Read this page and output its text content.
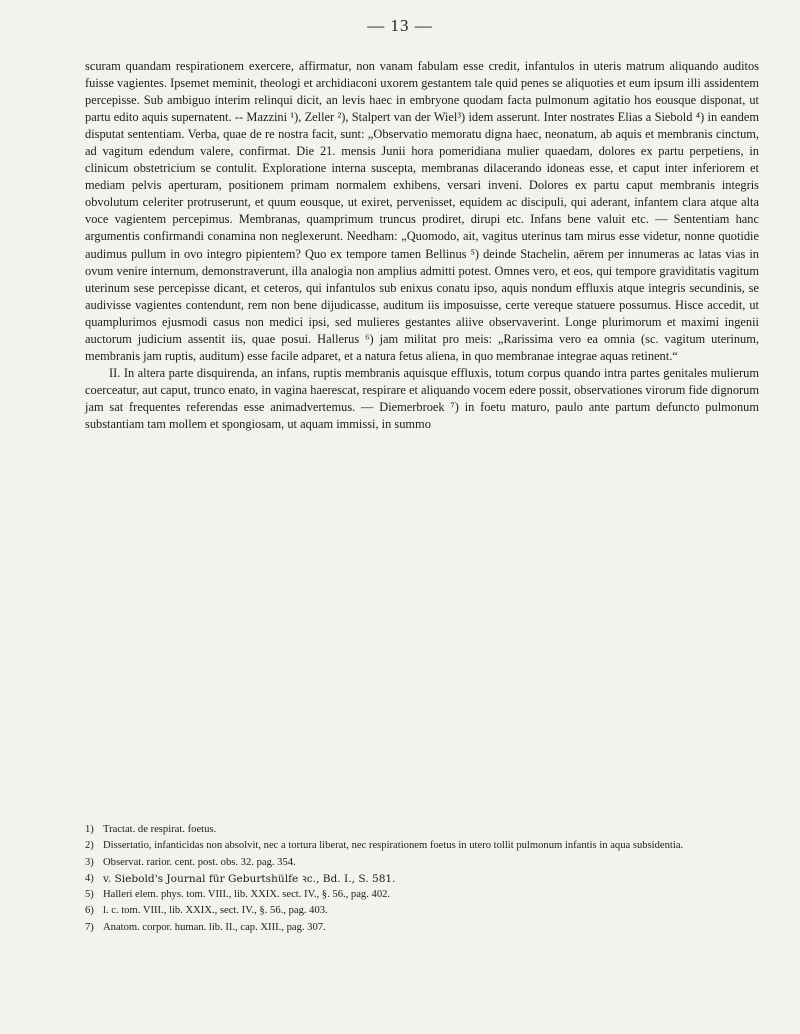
— 13 —

scuram quandam respirationem exercere, affirmatur, non vanam fabulam esse credit, infantulos in uteris matrum aliquando auditos fuisse vagientes. Ipsemet meminit, theologi et archidiaconi uxorem gestantem tale quid penes se aliquoties et eum ipsum illi assidentem percepisse. Sub ambiguo interim relinqui dicit, an levis haec in embryone quodam facta pulmonum agitatio hos eousque disponat, ut partu edito aquis supernatent. -- Mazzini ¹), Zeller ²), Stalpert van der Wiel³) idem asserunt. Inter nostrates Elias a Siebold ⁴) in eandem disputat sententiam. Verba, quae de re nostra facit, sunt: „Observatio memoratu digna haec, neonatum, ab aquis et membranis cinctum, ad vagitum edendum valere, confirmat. Die 21. mensis Junii hora pomeridiana mulier quaedam, dolores ex partu perpetiens, in clinicum obstetricium se contulit. Exploratione interna suscepta, membranas dilacerando idoneas esse, et caput inter inferiorem et mediam pelvis aperturam, positionem primam normalem exhibens, versari inveni. Dolores ex partu caput membranis integris obvolutum celeriter protruserunt, et quum eousque, ut exiret, pervenisset, equidem ac discipuli, qui aderant, infantem clara atque alta voce vagientem percepimus. Membranas, quamprimum truncus prodiret, dirupi etc. Infans bene valuit etc. — Sententiam hanc argumentis confirmandi conamina non neglexerunt. Needham: „Quomodo, ait, vagitus uterinus tam mirus esse videtur, nonne quotidie audimus pullum in ovo integro pipientem? Quo ex tempore tamen Bellinus ⁵) deinde Stachelin, aërem per innumeras ac latas vias in ovum venire internum, demonstraverunt, illa analogia non amplius admitti potest. Omnes vero, et eos, qui tempore graviditatis vagitum uterinum sese percepisse dicant, et ceteros, qui infantulos sub enixus conatu ipso, aquis nondum effluxis atque integris secundinis, se audivisse vagientes contendunt, rem non bene dijudicasse, auditum iis imposuisse, certe vereque statuere possumus. Hisce accedit, ut quamplurimos ejusmodi casus non medici ipsi, sed mulieres gestantes aliive observaverint. Longe plurimorum et maximi ingenii auctorum judicium assentit iis, quae posui. Hallerus ⁶) jam militat pro meis: „Rarissima vero ea omnia (sc. vagitum uterinum, membranis jam ruptis, auditum) esse facile adparet, et a natura fetus aliena, in quo membranae integrae aquas retinent.“

II. In altera parte disquirenda, an infans, ruptis membranis aquisque effluxis, totum corpus quando intra partes genitales mulierum coerceatur, aut caput, trunco enato, in vagina haerescat, respirare et aliquando vocem edere possit, observationes virorum fide dignorum jam sat frequentes referendas esse animadvertemus. — Diemerbroek ⁷) in foetu maturo, paulo ante partum defuncto pulmonum substantiam tam mollem et spongiosam, ut aquam immissi, in summo

1) Tractat. de respirat. foetus.
2) Dissertatio, infanticidas non absolvit, nec a tortura liberat, nec respirationem foetus in utero tollit pulmonum infantis in aqua subsidentia.
3) Observat. rarior. cent. post. obs. 32. pag. 354.
4) v. Siebold's Journal für Geburtshülfe ꝛc., Bd. I., S. 581.
5) Halleri elem. phys. tom. VIII., lib. XXIX. sect. IV., §. 56., pag. 402.
6) l. c. tom. VIII., lib. XXIX., sect. IV., §. 56., pag. 403.
7) Anatom. corpor. human. lib. II., cap. XIII., pag. 307.
